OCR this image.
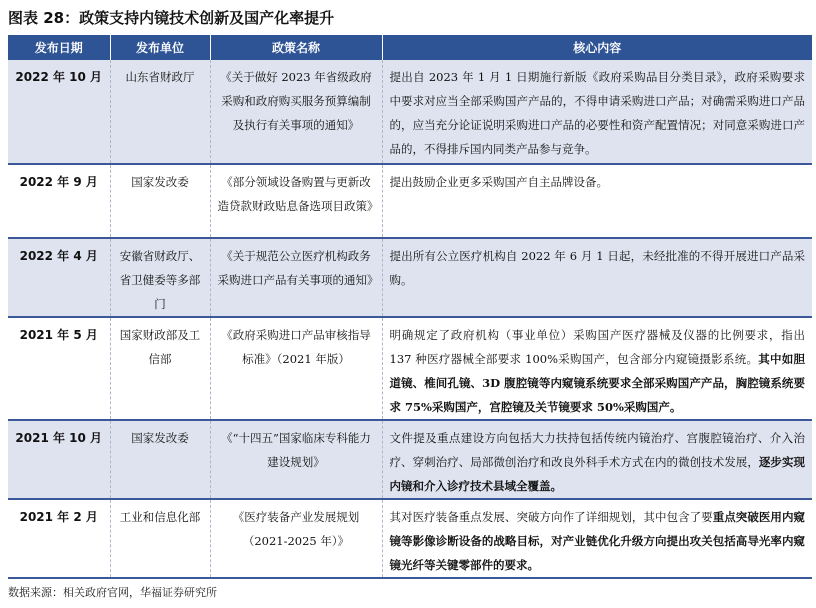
图表 28：政策支持内镜技术创新及国产化率提升
发布日期	发布单位	政策名称	核心内容
2022 年 10 月	山东省财政厅	《关于做好 2023 年省级政府采购和政府购买服务预算编制及执行有关事项的通知》	提出自 2023 年 1 月 1 日期施行新版《政府采购品目分类目录》，政府采购要求中要求对应当全部采购国产产品的，不得申请采购进口产品；对确需采购进口产品的，应当充分论证说明采购进口产品的必要性和资产配置情况；对同意采购进口产品的，不得排斥国内同类产品参与竞争。
2022 年 9 月	国家发改委	《部分领域设备购置与更新改造贷款财政贴息备选项目政策》	提出鼓励企业更多采购国产自主品牌设备。
2022 年 4 月	安徽省财政厅、省卫健委等多部门	《关于规范公立医疗机构政务采购进口产品有关事项的通知》	提出所有公立医疗机构自 2022 年 6 月 1 日起，未经批准的不得开展进口产品采购。
2021 年 5 月	国家财政部及工信部	《政府采购进口产品审核指导标准》（2021 年版）	明确规定了政府机构（事业单位）采购国产医疗器械及仪器的比例要求，指出 137 种医疗器械全部要求 100%采购国产，包含部分内窥镜摄影系统。其中如胆道镜、椎间孔镜、3D 腹腔镜等内窥镜系统要求全部采购国产产品，胸腔镜系统要求 75%采购国产，宫腔镜及关节镜要求 50%采购国产。
2021 年 10 月	国家发改委	《“十四五”国家临床专科能力建设规划》	文件提及重点建设方向包括大力扶持包括传统内镜治疗、宫腹腔镜治疗、介入治疗、穿刺治疗、局部微创治疗和改良外科手术方式在内的微创技术发展，逐步实现内镜和介入诊疗技术县域全覆盖。
2021 年 2 月	工业和信息化部	《医疗装备产业发展规划（2021-2025 年）》	其对医疗装备重点发展、突破方向作了详细规划，其中包含了要重点突破医用内窥镜等影像诊断设备的战略目标，对产业链优化升级方向提出攻关包括高导光率内窥镜光纤等关键零部件的要求。
数据来源：相关政府官网，华福证券研究所
